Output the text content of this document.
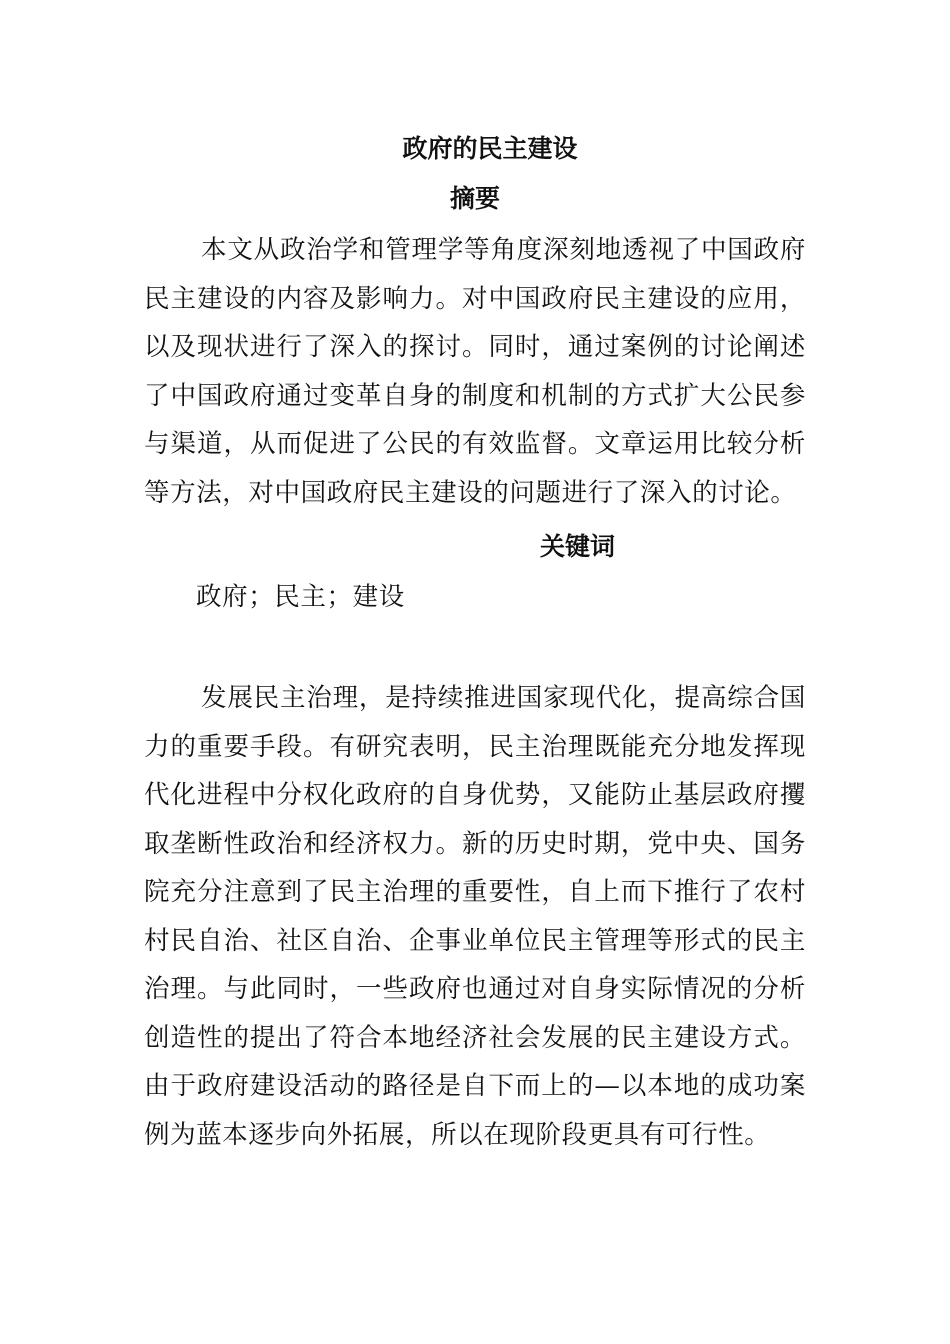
政府的民主建设
摘要

本文从政治学和管理学等角度深刻地透视了中国政府民主建设的内容及影响力。对中国政府民主建设的应用，以及现状进行了深入的探讨。同时，通过案例的讨论阐述了中国政府通过变革自身的制度和机制的方式扩大公民参与渠道，从而促进了公民的有效监督。文章运用比较分析等方法，对中国政府民主建设的问题进行了深入的讨论。

关键词
政府；民主；建设

发展民主治理，是持续推进国家现代化，提高综合国力的重要手段。有研究表明，民主治理既能充分地发挥现代化进程中分权化政府的自身优势，又能防止基层政府攫取垄断性政治和经济权力。新的历史时期，党中央、国务院充分注意到了民主治理的重要性，自上而下推行了农村村民自治、社区自治、企事业单位民主管理等形式的民主治理。与此同时，一些政府也通过对自身实际情况的分析创造性的提出了符合本地经济社会发展的民主建设方式。由于政府建设活动的路径是自下而上的—以本地的成功案例为蓝本逐步向外拓展，所以在现阶段更具有可行性。
